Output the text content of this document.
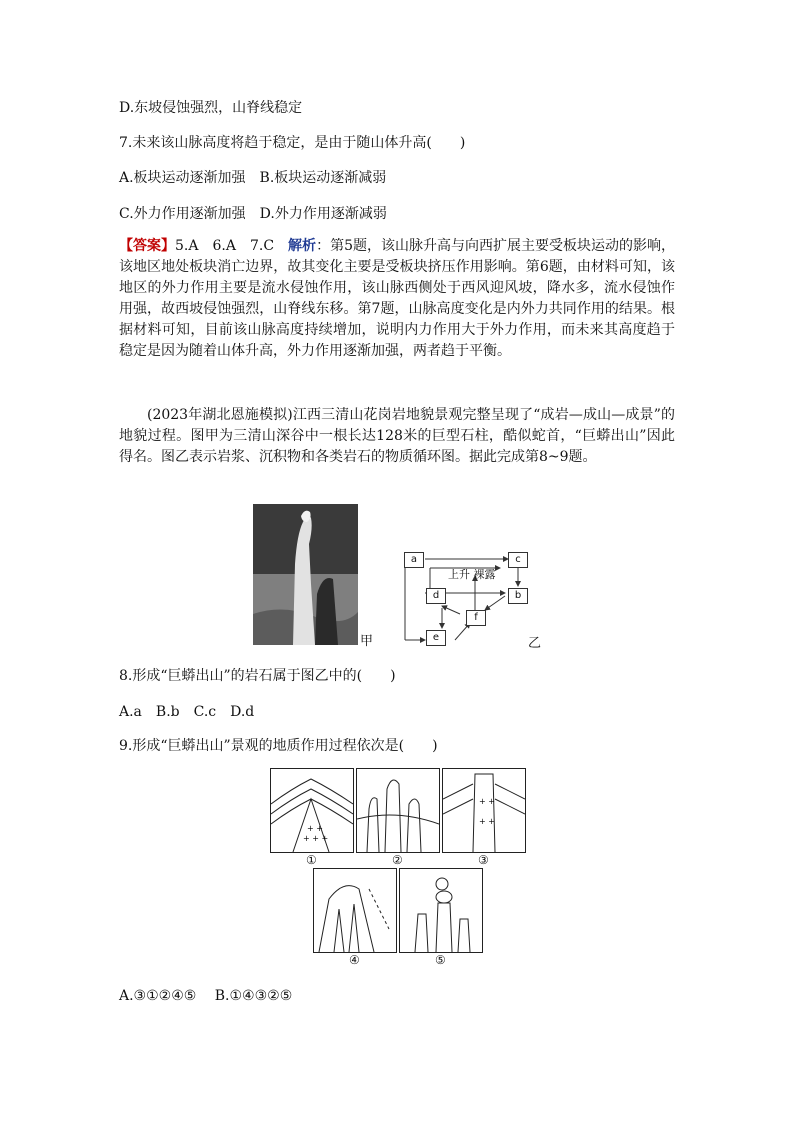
D.东坡侵蚀强烈，山脊线稳定
7.未来该山脉高度将趋于稳定，是由于随山体升高(　　)
A.板块运动逐渐加强　B.板块运动逐渐减弱
C.外力作用逐渐加强　D.外力作用逐渐减弱
【答案】5.A　6.A　7.C　解析：第5题，该山脉升高与向西扩展主要受板块运动的影响，该地区地处板块消亡边界，故其变化主要是受板块挤压作用影响。第6题，由材料可知，该地区的外力作用主要是流水侵蚀作用，该山脉西侧处于西风迎风坡，降水多，流水侵蚀作用强，故西坡侵蚀强烈，山脊线东移。第7题，山脉高度变化是内外力共同作用的结果。根据材料可知，目前该山脉高度持续增加，说明内力作用大于外力作用，而未来其高度趋于稳定是因为随着山体升高，外力作用逐渐加强，两者趋于平衡。
(2023年湖北恩施模拟)江西三清山花岗岩地貌景观完整呈现了“成岩—成山—成景”的地貌过程。图甲为三清山深谷中一根长达128米的巨型石柱，酷似蛇首，“巨蟒出山”因此得名。图乙表示岩浆、沉积物和各类岩石的物质循环图。据此完成第8~9题。
甲
a	c
d	b
f
e
上升 裸露
乙
8.形成“巨蟒出山”的岩石属于图乙中的(　　)
A.a　B.b　C.c　D.d
9.形成“巨蟒出山”景观的地质作用过程依次是(　　)
+ +
+ + +
+ +
+ +
①	②	③
④	⑤
A.③①②④⑤　 B.①④③②⑤
